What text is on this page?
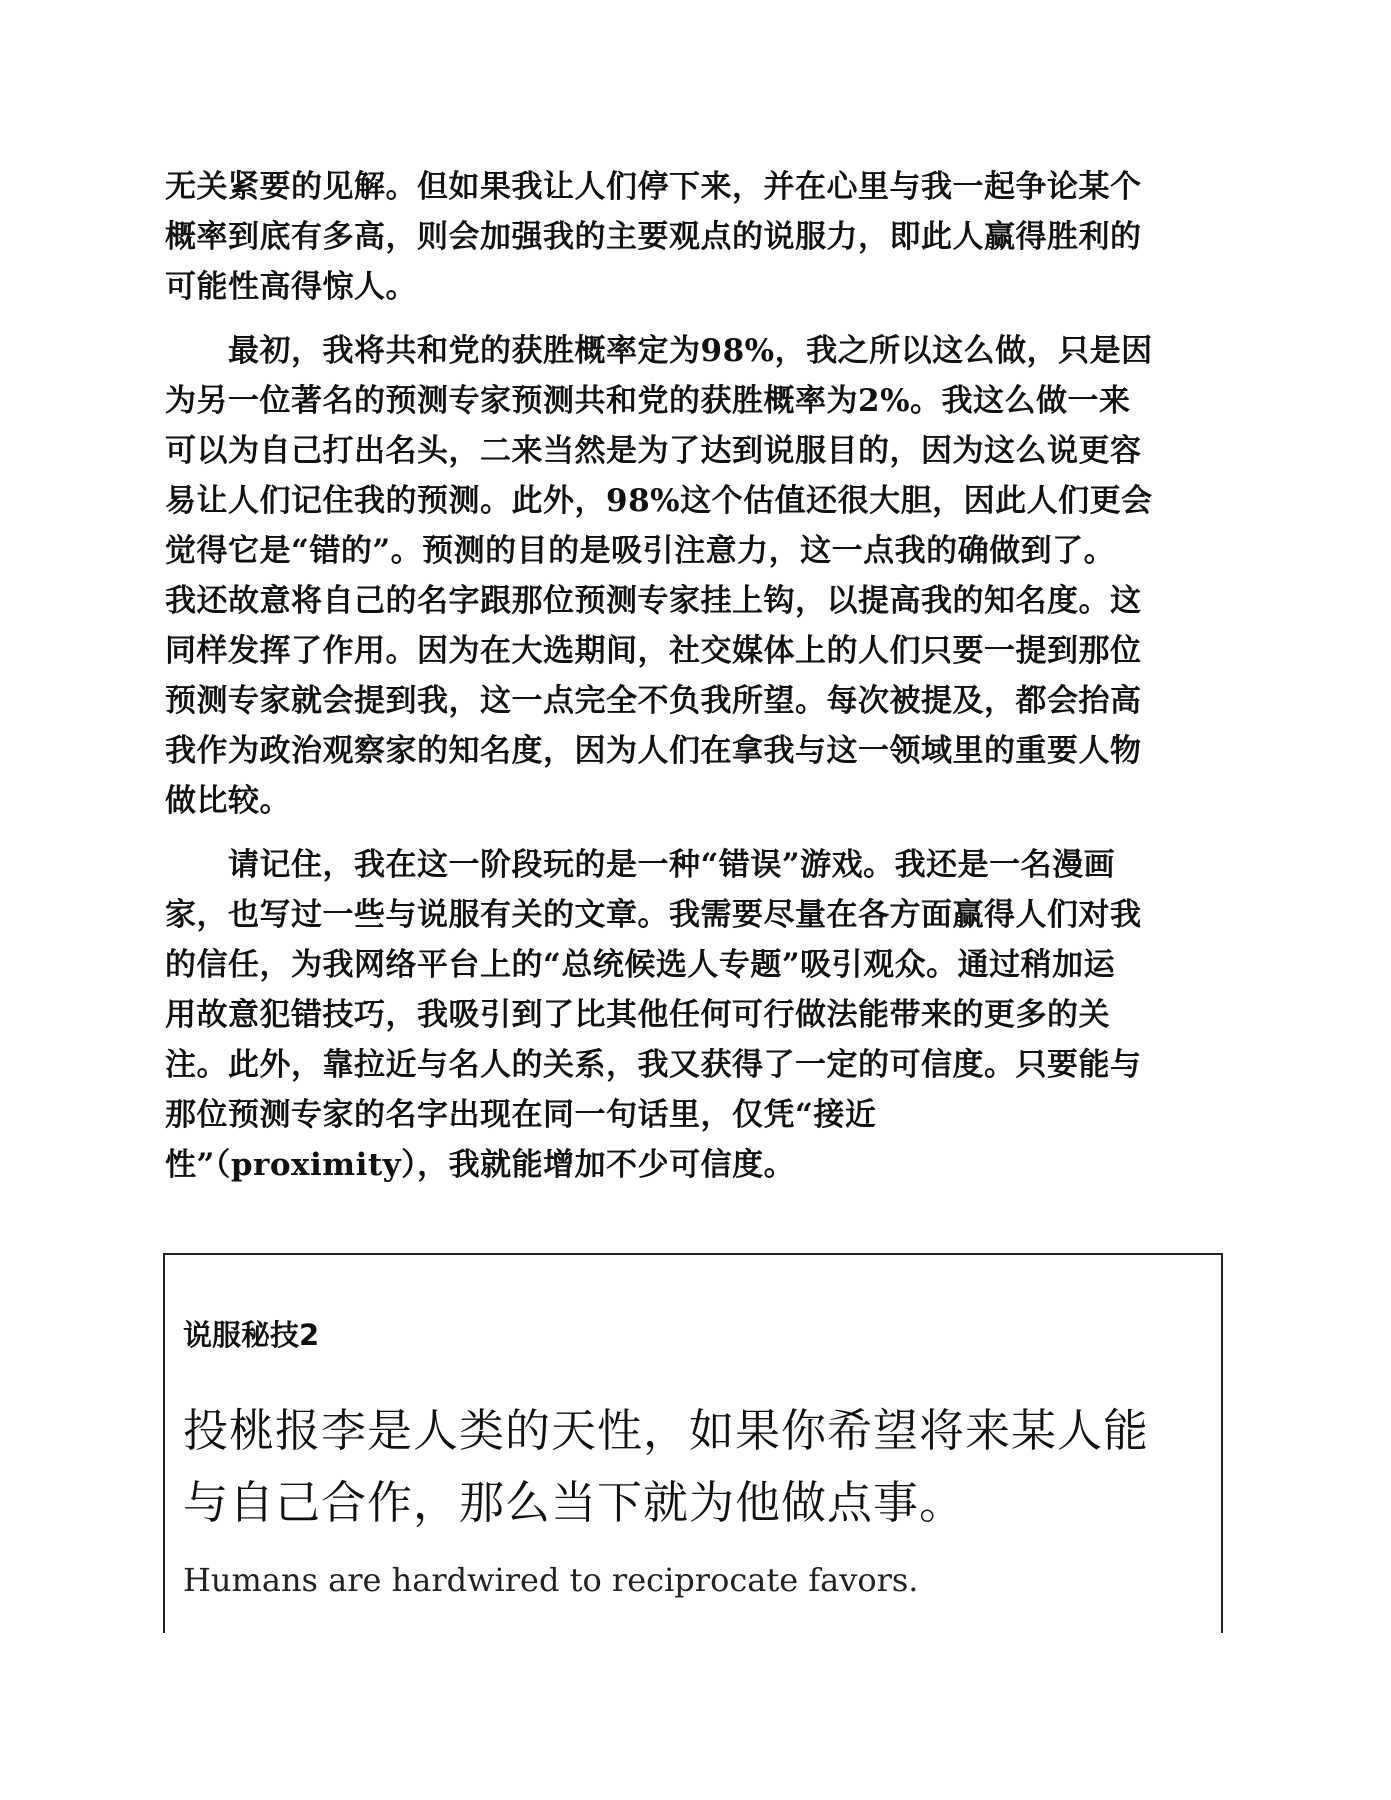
无关紧要的见解。但如果我让人们停下来，并在心里与我一起争论某个
概率到底有多高，则会加强我的主要观点的说服力，即此人赢得胜利的
可能性高得惊人。
　　最初，我将共和党的获胜概率定为98%，我之所以这么做，只是因
为另一位著名的预测专家预测共和党的获胜概率为2%。我这么做一来
可以为自己打出名头，二来当然是为了达到说服目的，因为这么说更容
易让人们记住我的预测。此外，98%这个估值还很大胆，因此人们更会
觉得它是“错的”。预测的目的是吸引注意力，这一点我的确做到了。
我还故意将自己的名字跟那位预测专家挂上钩，以提高我的知名度。这
同样发挥了作用。因为在大选期间，社交媒体上的人们只要一提到那位
预测专家就会提到我，这一点完全不负我所望。每次被提及，都会抬高
我作为政治观察家的知名度，因为人们在拿我与这一领域里的重要人物
做比较。
　　请记住，我在这一阶段玩的是一种“错误”游戏。我还是一名漫画
家，也写过一些与说服有关的文章。我需要尽量在各方面赢得人们对我
的信任，为我网络平台上的“总统候选人专题”吸引观众。通过稍加运
用故意犯错技巧，我吸引到了比其他任何可行做法能带来的更多的关
注。此外，靠拉近与名人的关系，我又获得了一定的可信度。只要能与
那位预测专家的名字出现在同一句话里，仅凭“接近
性”（proximity），我就能增加不少可信度。
说服秘技2
投桃报李是人类的天性，如果你希望将来某人能
与自己合作，那么当下就为他做点事。
Humans are hardwired to reciprocate favors.
